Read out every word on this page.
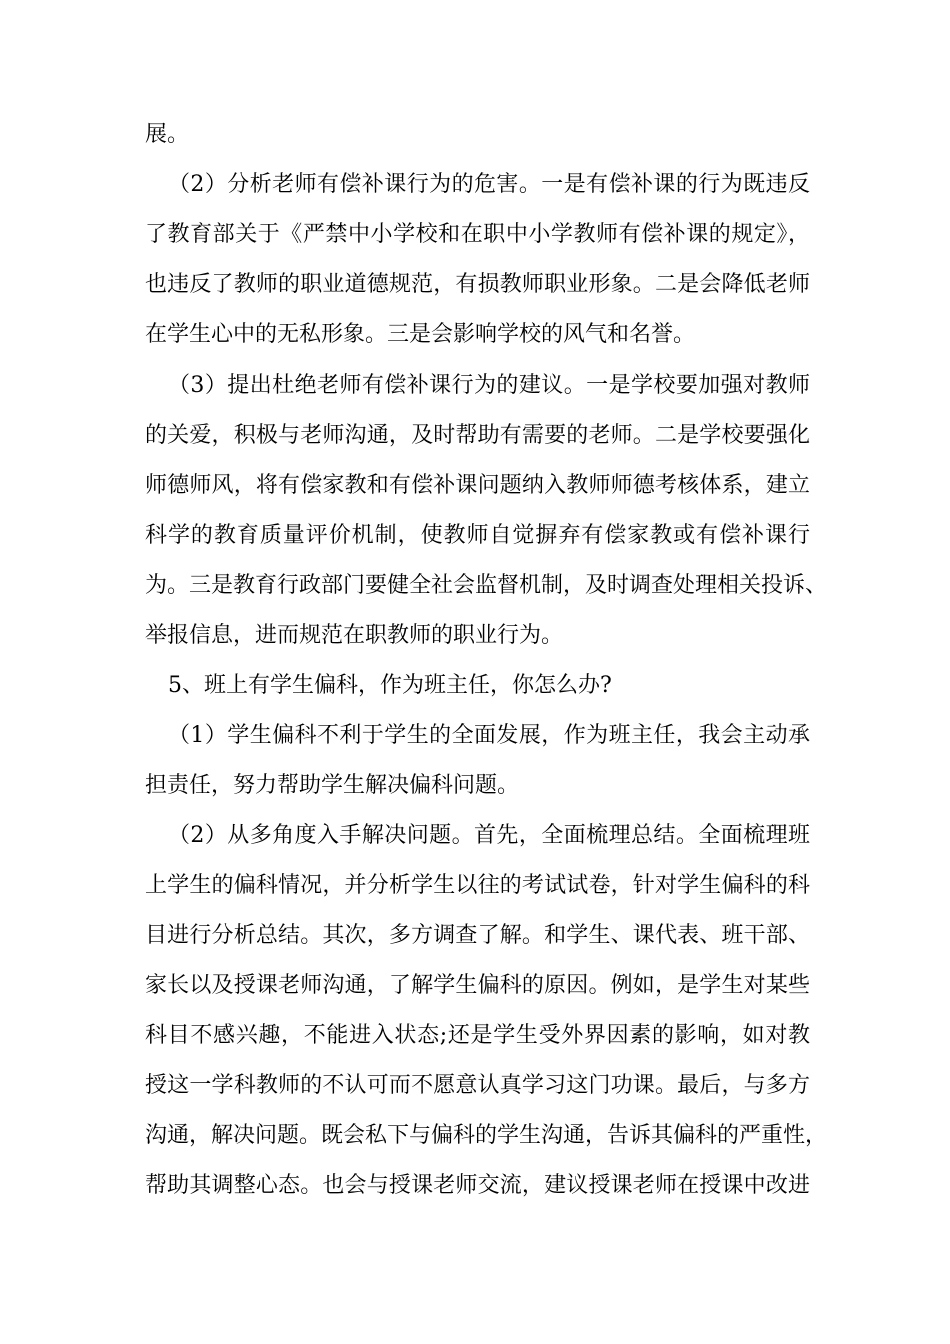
展。
（2）分析老师有偿补课行为的危害。一是有偿补课的行为既违反
了教育部关于《严禁中小学校和在职中小学教师有偿补课的规定》，
也违反了教师的职业道德规范，有损教师职业形象。二是会降低老师
在学生心中的无私形象。三是会影响学校的风气和名誉。
（3）提出杜绝老师有偿补课行为的建议。一是学校要加强对教师
的关爱，积极与老师沟通，及时帮助有需要的老师。二是学校要强化
师德师风，将有偿家教和有偿补课问题纳入教师师德考核体系，建立
科学的教育质量评价机制，使教师自觉摒弃有偿家教或有偿补课行
为。三是教育行政部门要健全社会监督机制，及时调查处理相关投诉、
举报信息，进而规范在职教师的职业行为。
5、班上有学生偏科，作为班主任，你怎么办?
（1）学生偏科不利于学生的全面发展，作为班主任，我会主动承
担责任，努力帮助学生解决偏科问题。
（2）从多角度入手解决问题。首先，全面梳理总结。全面梳理班
上学生的偏科情况，并分析学生以往的考试试卷，针对学生偏科的科
目进行分析总结。其次，多方调查了解。和学生、课代表、班干部、
家长以及授课老师沟通，了解学生偏科的原因。例如，是学生对某些
科目不感兴趣，不能进入状态;还是学生受外界因素的影响，如对教
授这一学科教师的不认可而不愿意认真学习这门功课。最后，与多方
沟通，解决问题。既会私下与偏科的学生沟通，告诉其偏科的严重性，
帮助其调整心态。也会与授课老师交流，建议授课老师在授课中改进
